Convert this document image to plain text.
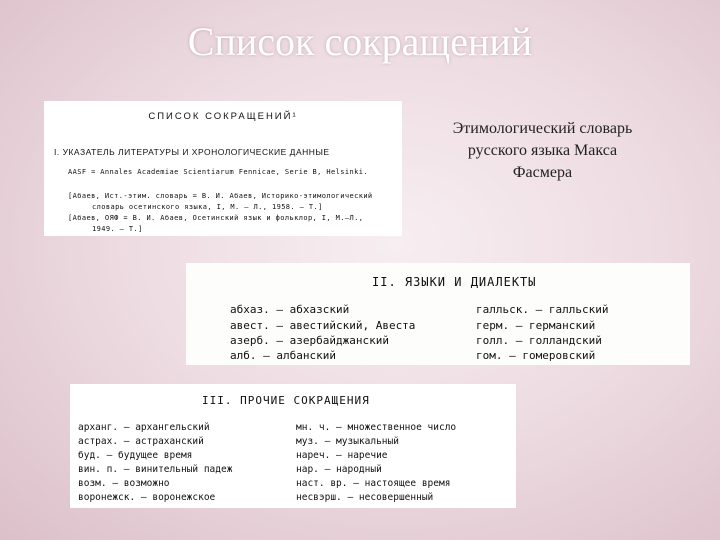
Список сокращений
Этимологический словарь
русского языка Макса
Фасмера
СПИСОК СОКРАЩЕНИЙ¹
I. УКАЗАТЕЛЬ ЛИТЕРАТУРЫ И ХРОНОЛОГИЧЕСКИЕ ДАННЫЕ
AASF = Annales Academiae Scientiarum Fennicae, Serie B, Helsinki.
[Абаев, Ист.-этим. словарь = В. И. Абаев, Историко-этимологический
словарь осетинского языка, I, М. — Л., 1958. — Т.]
[Абаев, ОЯФ = В. И. Абаев, Осетинский язык и фольклор, I, М.—Л.,
1949. — Т.]
II. ЯЗЫКИ И ДИАЛЕКТЫ
абхаз. — абхазский
авест. — авестийский, Авеста
азерб. — азербайджанский
алб. — албанский
галльск. — галльский
герм. — германский
голл. — голландский
гом. — гомеровский
III. ПРОЧИЕ СОКРАЩЕНИЯ
арханг. — архангельский
астрах. — астраханский
буд. — будущее время
вин. п. — винительный падеж
возм. — возможно
воронежск. — воронежское
мн. ч. — множественное число
муз. — музыкальный
нареч. — наречие
нар. — народный
наст. вр. — настоящее время
несвэрш. — несовершенный
